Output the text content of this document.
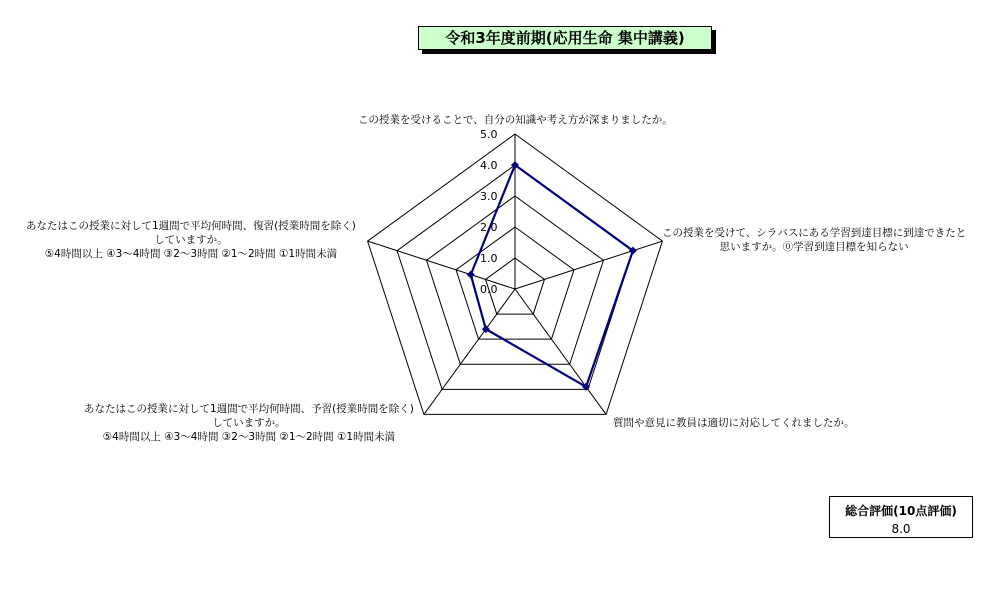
令和3年度前期(応用生命 集中講義)
0.0
1.0
2.0
3.0
4.0
5.0
この授業を受けることで、自分の知識や考え方が深まりましたか。
この授業を受けて、シラバスにある学習到達目標に到達できたと
思いますか。⓪学習到達目標を知らない
質問や意見に教員は適切に対応してくれましたか。
あなたはこの授業に対して1週間で平均何時間、予習(授業時間を除く)
していますか。
⑤4時間以上 ④3～4時間 ③2～3時間 ②1～2時間 ①1時間未満
あなたはこの授業に対して1週間で平均何時間、復習(授業時間を除く)
していますか。
⑤4時間以上 ④3～4時間 ③2～3時間 ②1～2時間 ①1時間未満
総合評価(10点評価)
8.0
